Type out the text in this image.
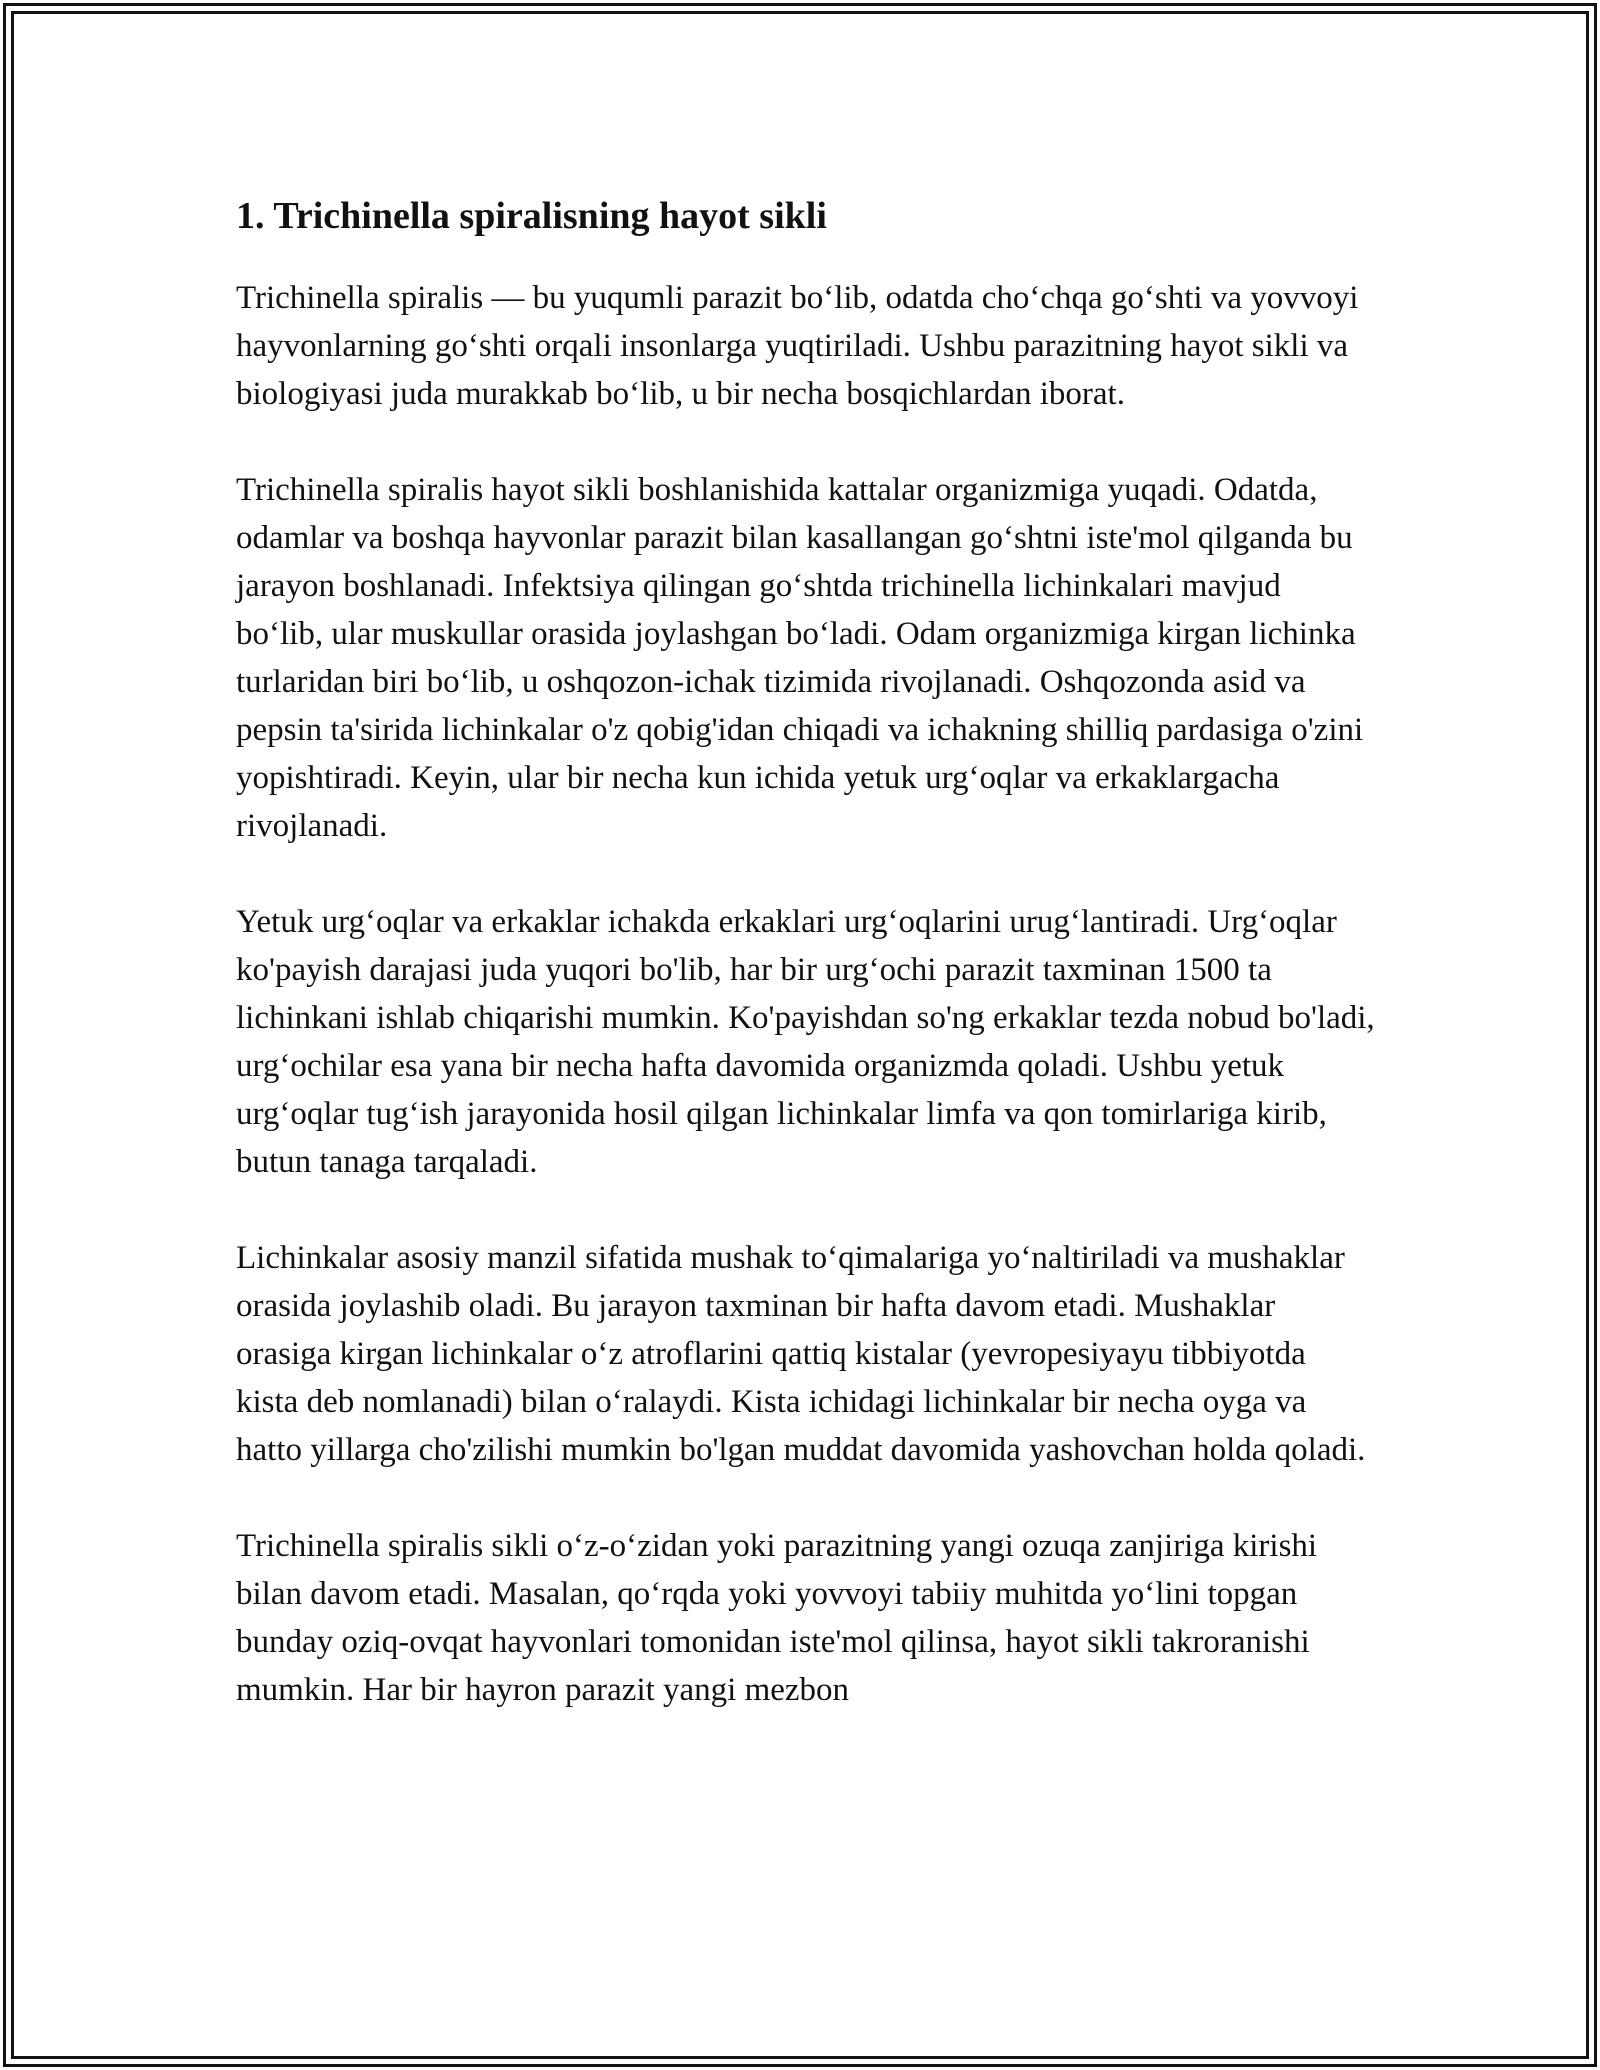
1. Trichinella spiralisning hayot sikli

Trichinella spiralis — bu yuqumli parazit bo‘lib, odatda cho‘chqa go‘shti va yovvoyi hayvonlarning go‘shti orqali insonlarga yuqtiriladi. Ushbu parazitning hayot sikli va biologiyasi juda murakkab bo‘lib, u bir necha bosqichlardan iborat.

Trichinella spiralis hayot sikli boshlanishida kattalar organizmiga yuqadi. Odatda, odamlar va boshqa hayvonlar parazit bilan kasallangan go‘shtni iste'mol qilganda bu jarayon boshlanadi. Infektsiya qilingan go‘shtda trichinella lichinkalari mavjud bo‘lib, ular muskullar orasida joylashgan bo‘ladi. Odam organizmiga kirgan lichinka turlaridan biri bo‘lib, u oshqozon-ichak tizimida rivojlanadi. Oshqozonda asid va pepsin ta'sirida lichinkalar o'z qobig'idan chiqadi va ichakning shilliq pardasiga o'zini yopishtiradi. Keyin, ular bir necha kun ichida yetuk urg‘oqlar va erkaklargacha rivojlanadi.

Yetuk urg‘oqlar va erkaklar ichakda erkaklari urg‘oqlarini urug‘lantiradi. Urg‘oqlar ko'payish darajasi juda yuqori bo'lib, har bir urg‘ochi parazit taxminan 1500 ta lichinkani ishlab chiqarishi mumkin. Ko'payishdan so'ng erkaklar tezda nobud bo'ladi, urg‘ochilar esa yana bir necha hafta davomida organizmda qoladi. Ushbu yetuk urg‘oqlar tug‘ish jarayonida hosil qilgan lichinkalar limfa va qon tomirlariga kirib, butun tanaga tarqaladi.

Lichinkalar asosiy manzil sifatida mushak to‘qimalariga yo‘naltiriladi va mushaklar orasida joylashib oladi. Bu jarayon taxminan bir hafta davom etadi. Mushaklar orasiga kirgan lichinkalar o‘z atroflarini qattiq kistalar (yevropesiyayu tibbiyotda kista deb nomlanadi) bilan o‘ralaydi. Kista ichidagi lichinkalar bir necha oyga va hatto yillarga cho'zilishi mumkin bo'lgan muddat davomida yashovchan holda qoladi.

Trichinella spiralis sikli o‘z-o‘zidan yoki parazitning yangi ozuqa zanjiriga kirishi bilan davom etadi. Masalan, qo‘rqda yoki yovvoyi tabiiy muhitda yo‘lini topgan bunday oziq-ovqat hayvonlari tomonidan iste'mol qilinsa, hayot sikli takroranishi mumkin. Har bir hayron parazit yangi mezbon
